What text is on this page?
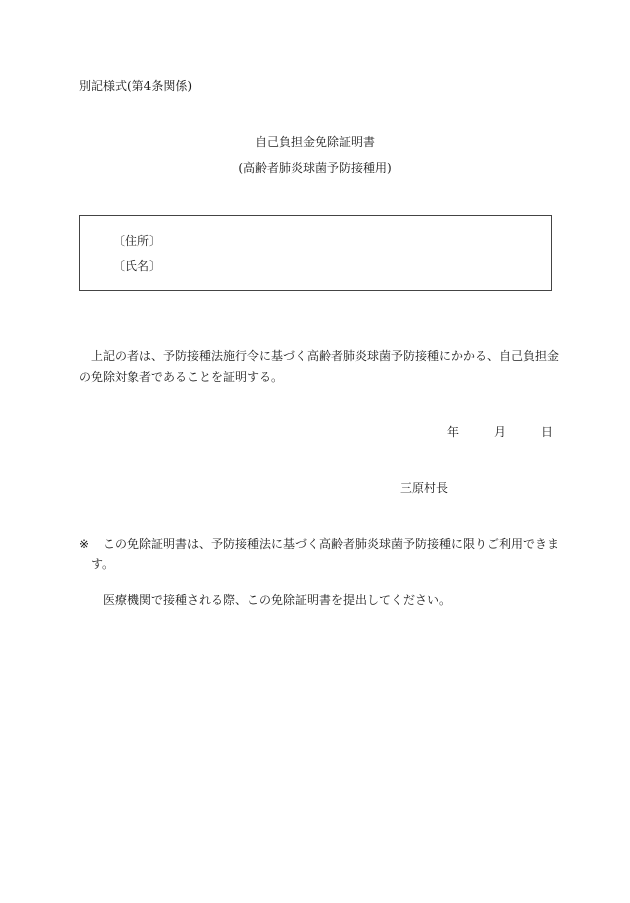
別記様式(第4条関係)
自己負担金免除証明書
(高齢者肺炎球菌予防接種用)
〔住所〕
〔氏名〕
上記の者は、予防接種法施行令に基づく高齢者肺炎球菌予防接種にかかる、自己負担金
の免除対象者であることを証明する。
年	月	日
三原村長
※ この免除証明書は、予防接種法に基づく高齢者肺炎球菌予防接種に限りご利用できま
す。
医療機関で接種される際、この免除証明書を提出してください。
